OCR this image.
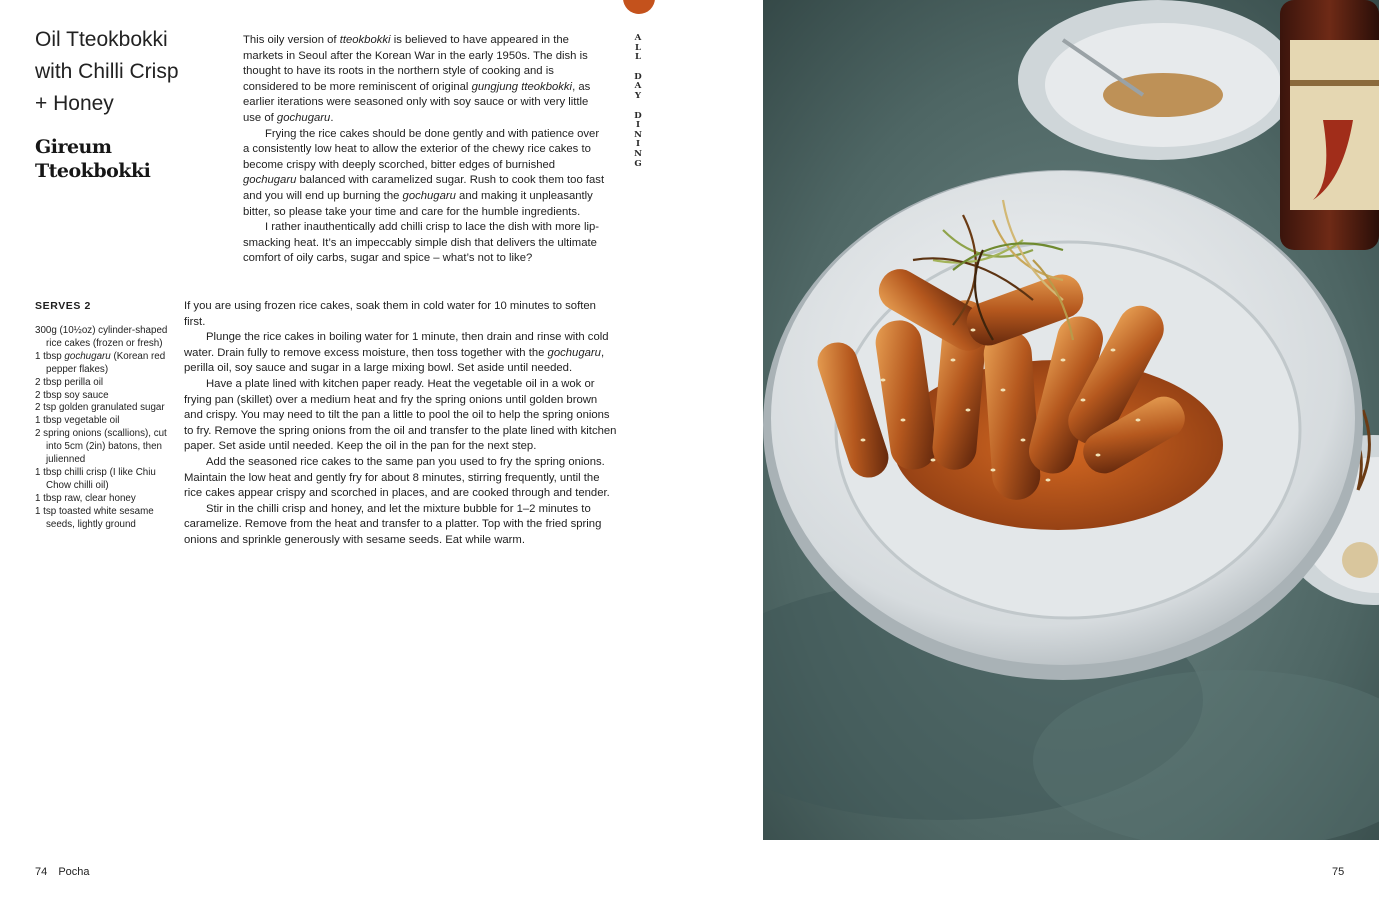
Oil Tteokbokki
with Chilli Crisp
+ Honey
Gireum
Tteokbokki

This oily version of tteokbokki is believed to have appeared in the markets in Seoul after the Korean War in the early 1950s. The dish is thought to have its roots in the northern style of cooking and is considered to be more reminiscent of original gungjung tteokbokki, as earlier iterations were seasoned only with soy sauce or with very little use of gochugaru.

Frying the rice cakes should be done gently and with patience over a consistently low heat to allow the exterior of the chewy rice cakes to become crispy with deeply scorched, bitter edges of burnished gochugaru balanced with caramelized sugar. Rush to cook them too fast and you will end up burning the gochugaru and making it unpleasantly bitter, so please take your time and care for the humble ingredients.

I rather inauthentically add chilli crisp to lace the dish with more lip-smacking heat. It’s an impeccably simple dish that delivers the ultimate comfort of oily carbs, sugar and spice – what’s not to like?

A
L
L
D
A
Y
D
I
N
I
N
G
SERVES 2
300g (10½oz) cylinder-shaped rice cakes (frozen or fresh)
1 tbsp gochugaru (Korean red pepper flakes)
2 tbsp perilla oil
2 tbsp soy sauce
2 tsp golden granulated sugar
1 tbsp vegetable oil
2 spring onions (scallions), cut into 5cm (2in) batons, then julienned
1 tbsp chilli crisp (I like Chiu Chow chilli oil)
1 tbsp raw, clear honey
1 tsp toasted white sesame seeds, lightly ground

If you are using frozen rice cakes, soak them in cold water for 10 minutes to soften first.

Plunge the rice cakes in boiling water for 1 minute, then drain and rinse with cold water. Drain fully to remove excess moisture, then toss together with the gochugaru, perilla oil, soy sauce and sugar in a large mixing bowl. Set aside until needed.

Have a plate lined with kitchen paper ready. Heat the vegetable oil in a wok or frying pan (skillet) over a medium heat and fry the spring onions until golden brown and crispy. You may need to tilt the pan a little to pool the oil to help the spring onions to fry. Remove the spring onions from the oil and transfer to the plate lined with kitchen paper. Set aside until needed. Keep the oil in the pan for the next step.

Add the seasoned rice cakes to the same pan you used to fry the spring onions. Maintain the low heat and gently fry for about 8 minutes, stirring frequently, until the rice cakes appear crispy and scorched in places, and are cooked through and tender.

Stir in the chilli crisp and honey, and let the mixture bubble for 1–2 minutes to caramelize. Remove from the heat and transfer to a platter. Top with the fried spring onions and sprinkle generously with sesame seeds. Eat while warm.

74 Pocha	75
